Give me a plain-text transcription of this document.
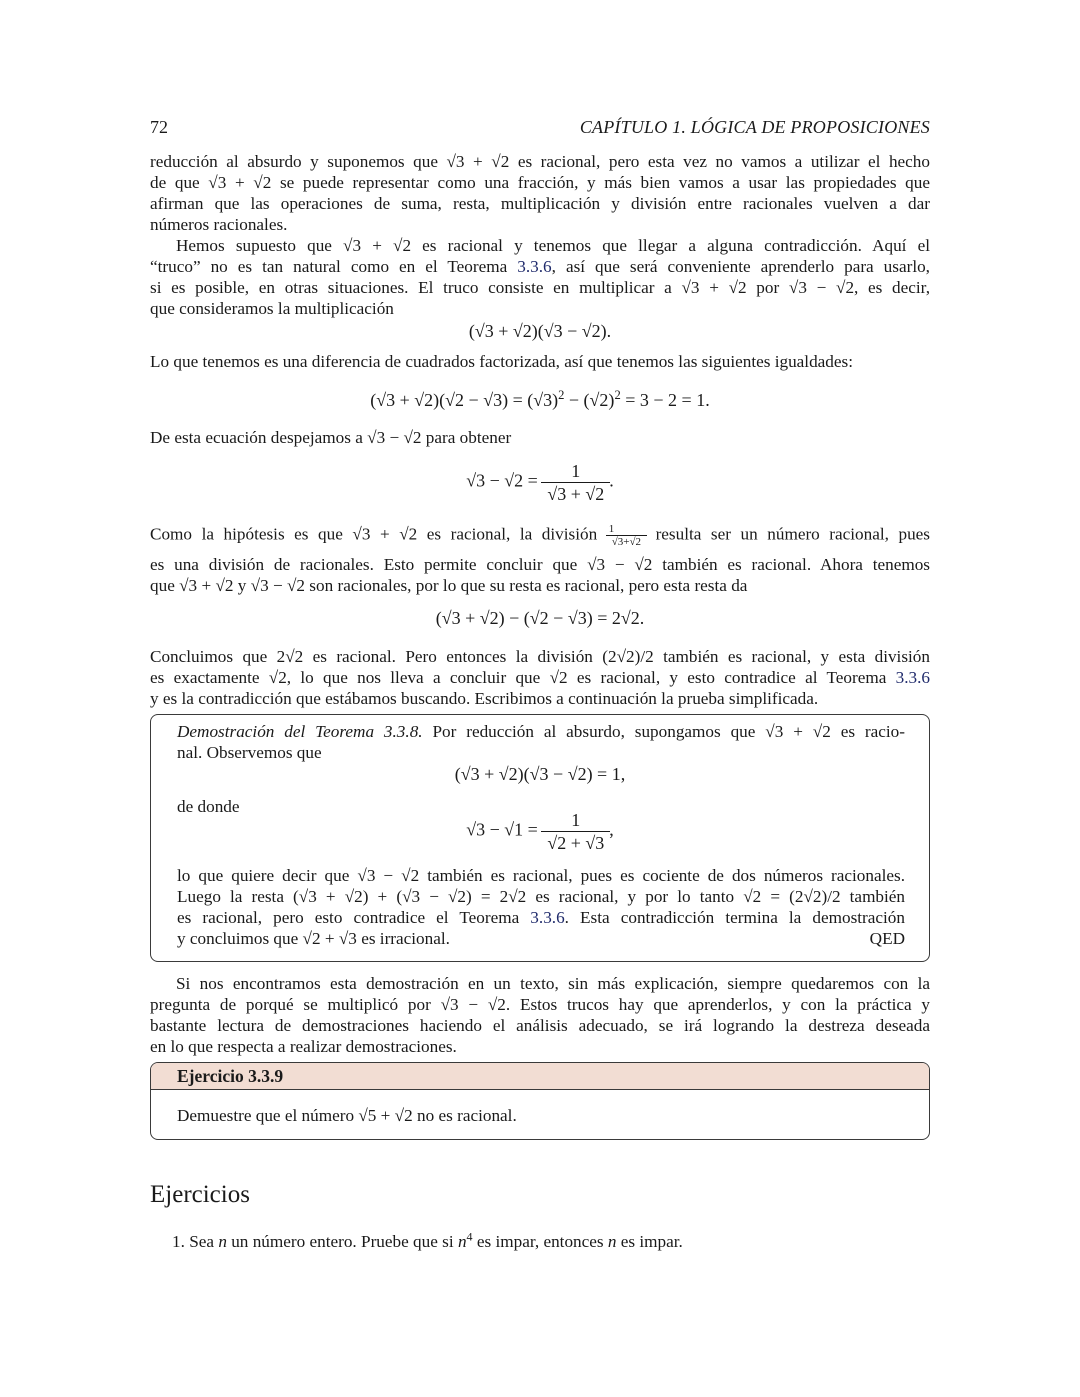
72	CAPÍTULO 1. LÓGICA DE PROPOSICIONES
reducción al absurdo y suponemos que √3 + √2 es racional, pero esta vez no vamos a utilizar el hecho
de que √3 + √2 se puede representar como una fracción, y más bien vamos a usar las propiedades que
afirman que las operaciones de suma, resta, multiplicación y división entre racionales vuelven a dar
números racionales.
Hemos supuesto que √3 + √2 es racional y tenemos que llegar a alguna contradicción. Aquí el
“truco” no es tan natural como en el Teorema 3.3.6, así que será conveniente aprenderlo para usarlo,
si es posible, en otras situaciones. El truco consiste en multiplicar a √3 + √2 por √3 − √2, es decir,
que consideramos la multiplicación
(√3 + √2)(√3 − √2).
Lo que tenemos es una diferencia de cuadrados factorizada, así que tenemos las siguientes igualdades:
$(√3 + √2)(√2 - √3) = (√3)^2 - (√2)^2 = 3 - 2 = 1$.
De esta ecuación despejamos a √3 − √2 para obtener
$√3 - √2 = \frac{1}{√3 + √2}$ .
Como la hipótesis es que √3 + √2 es racional, la división $\frac{1}{√3+√2}$ resulta ser un número racional, pues
es una división de racionales. Esto permite concluir que √3 − √2 también es racional. Ahora tenemos
que √3 + √2 y √3 − √2 son racionales, por lo que su resta es racional, pero esta resta da
(√3 + √2) − (√2 − √3) = 2√2.
Concluimos que 2√2 es racional. Pero entonces la división (2√2)/2 también es racional, y esta división
es exactamente √2, lo que nos lleva a concluir que √2 es racional, y esto contradice al Teorema 3.3.6
y es la contradicción que estábamos buscando. Escribimos a continuación la prueba simplificada.
Demostración del Teorema 3.3.8. Por reducción al absurdo, supongamos que √3 + √2 es racio-
nal. Observemos que
(√3 + √2)(√3 − √2) = 1,
de donde
$√3 - √1 = \frac{1}{√2 + √3}$ ,
lo que quiere decir que √3 − √2 también es racional, pues es cociente de dos números racionales.
Luego la resta (√3 + √2) + (√3 − √2) = 2√2 es racional, y por lo tanto √2 = (2√2)/2 también
es racional, pero esto contradice el Teorema 3.3.6. Esta contradicción termina la demostración
y concluimos que √2 + √3 es irracional.	QED
Si nos encontramos esta demostración en un texto, sin más explicación, siempre quedaremos con la
pregunta de porqué se multiplicó por √3 − √2. Estos trucos hay que aprenderlos, y con la práctica y
bastante lectura de demostraciones haciendo el análisis adecuado, se irá logrando la destreza deseada
en lo que respecta a realizar demostraciones.
Ejercicio 3.3.9
Demuestre que el número √5 + √2 no es racional.
Ejercicios
1. Sea n un número entero. Pruebe que si $n^4$ es impar, entonces n es impar.
